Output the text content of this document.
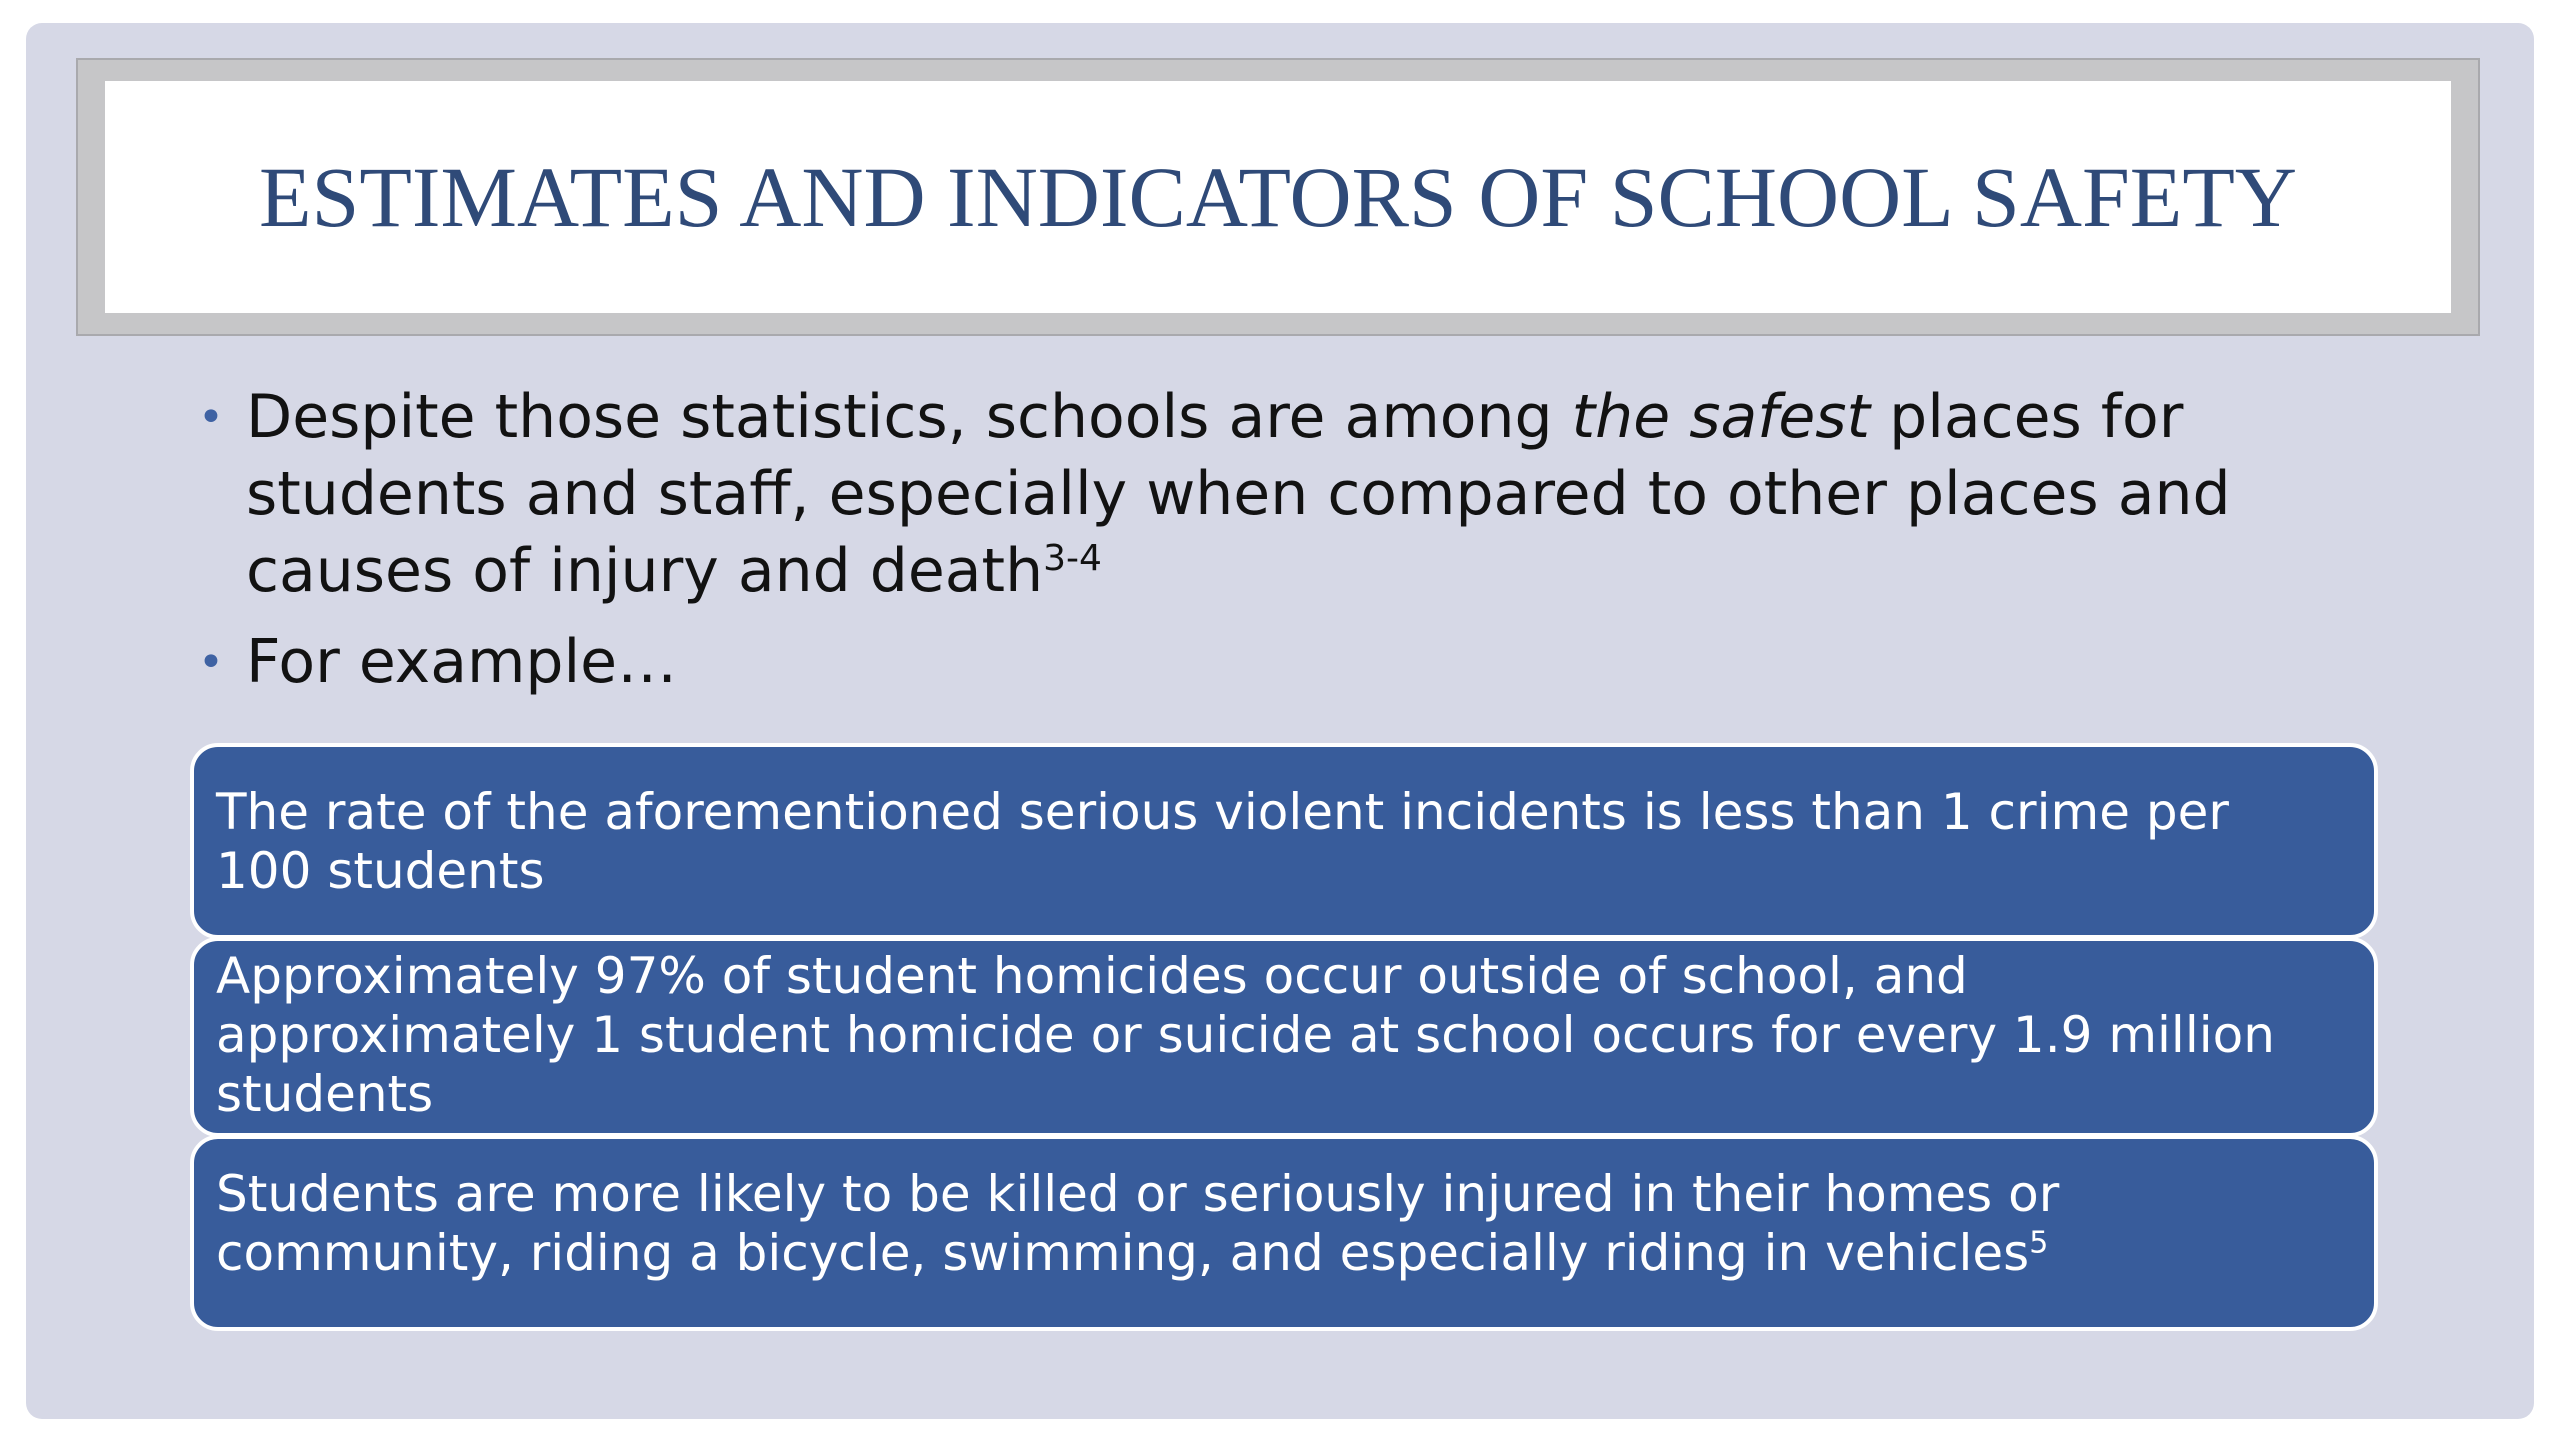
ESTIMATES AND INDICATORS OF SCHOOL SAFETY
• Despite those statistics, schools are among the safest places for students and staff, especially when compared to other places and causes of injury and death$^{3-4}$
• For example…
The rate of the aforementioned serious violent incidents is less than 1 crime per 100 students
Approximately 97% of student homicides occur outside of school, and approximately 1 student homicide or suicide at school occurs for every 1.9 million students
Students are more likely to be killed or seriously injured in their homes or community, riding a bicycle, swimming, and especially riding in vehicles$^5$
